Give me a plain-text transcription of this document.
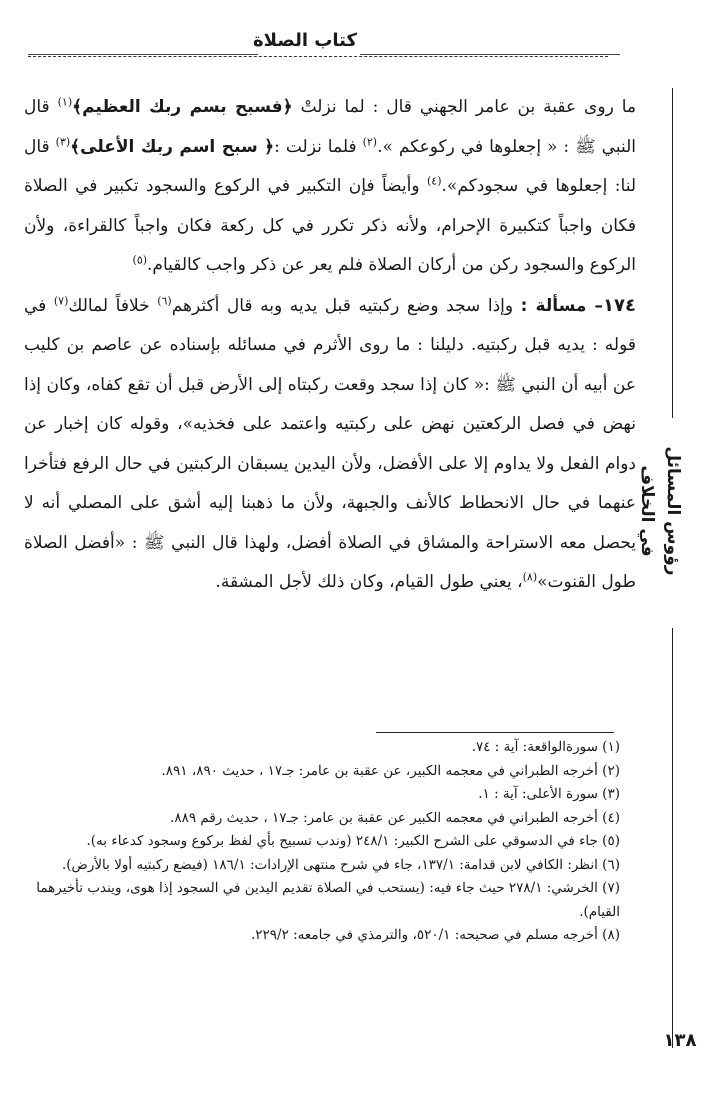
كتاب الصلاة
رؤوس المسائل في الخلاف

ما روى عقبة بن عامر الجهني قال : لما نزلتْ ﴿فسبح بسم ربك العظيم﴾$^{(١)}$ قال النبي ﷺ : « إجعلوها في ركوعكم ».$^{(٢)}$ فلما نزلت :﴿ سبح اسم ربك الأعلى﴾$^{(٣)}$ قال لنا: إجعلوها في سجودكم».$^{(٤)}$ وأيضاً فإن التكبير في الركوع والسجود تكبير في الصلاة فكان واجباً كتكبيرة الإحرام، ولأنه ذكر تكرر في كل ركعة فكان واجباً كالقراءة، ولأن الركوع والسجود ركن من أركان الصلاة فلم يعر عن ذكر واجب كالقيام.$^{(٥)}$

١٧٤– مسألة : وإذا سجد وضع ركبتيه قبل يديه وبه قال أكثرهم$^{(٦)}$ خلافاً لمالك$^{(٧)}$ في قوله : يديه قبل ركبتيه. دليلنا : ما روى الأثرم في مسائله بإسناده عن عاصم بن كليب عن أبيه أن النبي ﷺ :« كان إذا سجد وقعت ركبتاه إلى الأرض قبل أن تقع كفاه، وكان إذا نهض في فصل الركعتين نهض على ركبتيه واعتمد على فخذيه»، وقوله كان إخبار عن دوام الفعل ولا يداوم إلا على الأفضل، ولأن اليدين يسبقان الركبتين في حال الرفع فتأخرا عنهما في حال الانحطاط كالأنف والجبهة، ولأن ما ذهبنا إليه أشق على المصلي أنه لا يحصل معه الاستراحة والمشاق في الصلاة أفضل، ولهذا قال النبي ﷺ : «أفضل الصلاة طول القنوت»$^{(٨)}$، يعني طول القيام، وكان ذلك لأجل المشقة.

(١) سورةالواقعة: آية : ٧٤.

(٢) أخرجه الطبراني في معجمه الكبير، عن عقبة بن عامر: جـ١٧ ، حديث ٨٩٠، ٨٩١.

(٣) سورة الأعلى: آية : ١.

(٤) أخرجه الطبراني في معجمه الكبير عن عقبة بن عامر: جـ١٧ ، حديث رقم ٨٨٩.

(٥) جاء في الدسوقي على الشرح الكبير: ٢٤٨/١ (وندب تسبيح بأي لفظ بركوع وسجود كدعاء به).

(٦) انظر: الكافي لابن قدامة: ١٣٧/١، جاء في شرح منتهى الإرادات: ١٨٦/١ (فيضع ركبتيه أولا بالأرض).

(٧) الخرشي: ٢٧٨/١ حيث جاء فيه: (يستحب في الصلاة تقديم اليدين في السجود إذا هوى، ويندب تأخيرهما القيام).

(٨) أخرجه مسلم في صحيحه: ٥٢٠/١، والترمذي في جامعه: ٢٢٩/٢.

١٣٨
